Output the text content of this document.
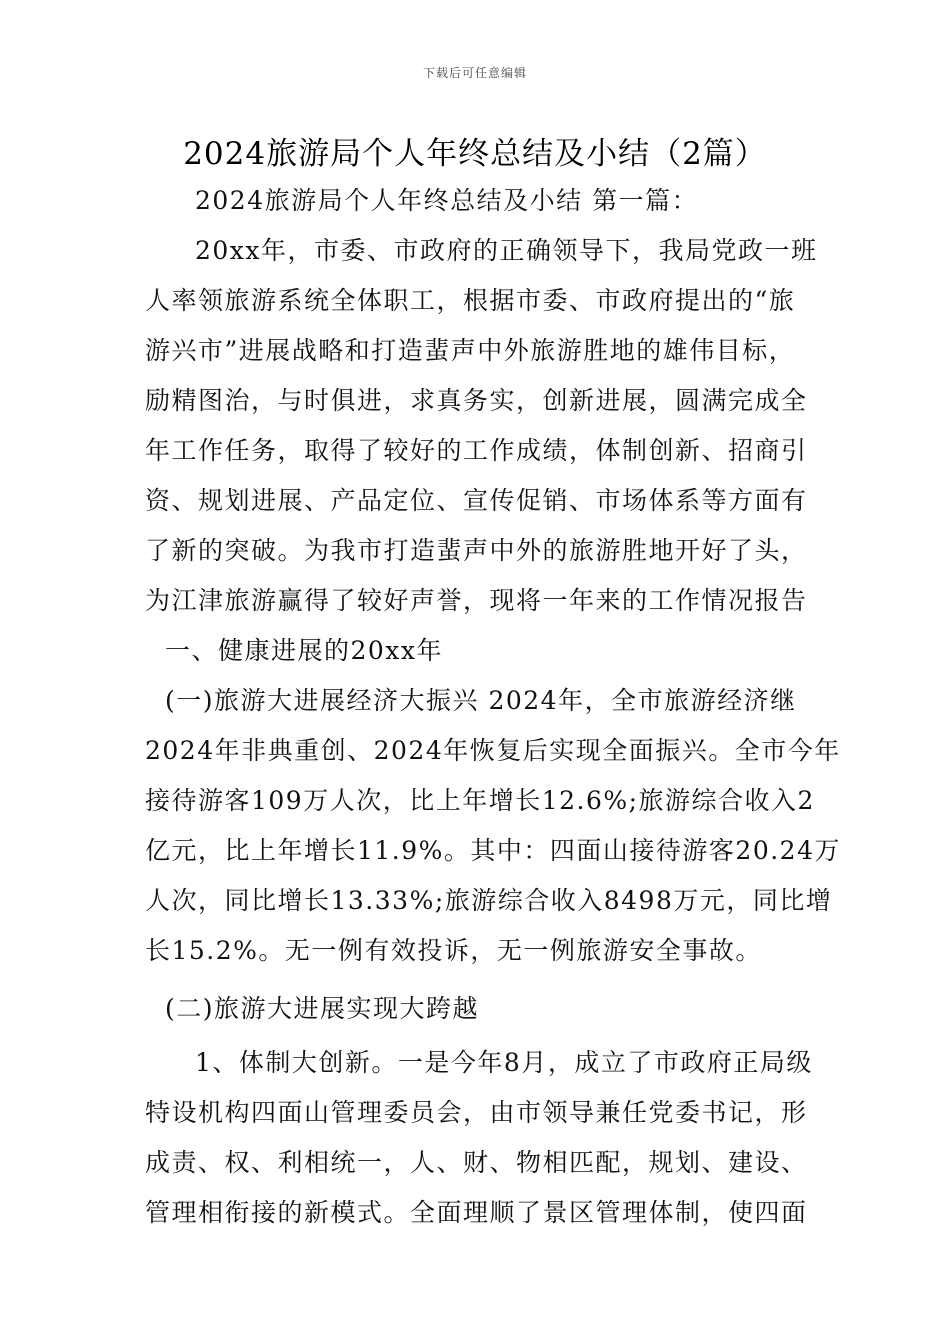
下载后可任意编辑
2024旅游局个人年终总结及小结（2篇）
2024旅游局个人年终总结及小结 第一篇：
20xx年，市委、市政府的正确领导下，我局党政一班
人率领旅游系统全体职工，根据市委、市政府提出的“旅
游兴市”进展战略和打造蜚声中外旅游胜地的雄伟目标，
励精图治，与时俱进，求真务实，创新进展，圆满完成全
年工作任务，取得了较好的工作成绩，体制创新、招商引
资、规划进展、产品定位、宣传促销、市场体系等方面有
了新的突破。为我市打造蜚声中外的旅游胜地开好了头，
为江津旅游赢得了较好声誉，现将一年来的工作情况报告
一、健康进展的20xx年
(一)旅游大进展经济大振兴 2024年，全市旅游经济继
2024年非典重创、2024年恢复后实现全面振兴。全市今年
接待游客109万人次，比上年增长12.6%;旅游综合收入2
亿元，比上年增长11.9%。其中：四面山接待游客20.24万
人次，同比增长13.33%;旅游综合收入8498万元，同比增
长15.2%。无一例有效投诉，无一例旅游安全事故。
(二)旅游大进展实现大跨越
1、体制大创新。一是今年8月，成立了市政府正局级
特设机构四面山管理委员会，由市领导兼任党委书记，形
成责、权、利相统一，人、财、物相匹配，规划、建设、
管理相衔接的新模式。全面理顺了景区管理体制，使四面
